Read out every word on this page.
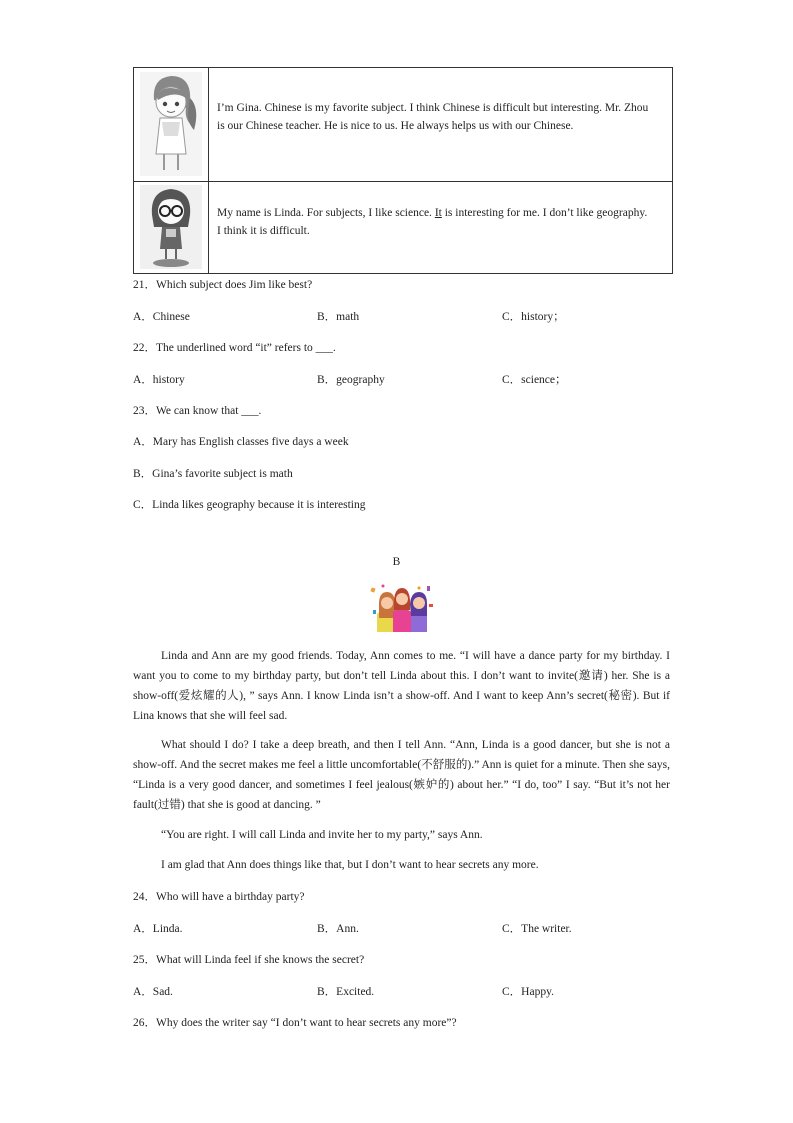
I’m Gina. Chinese is my favorite subject. I think Chinese is difficult but interesting. Mr. Zhou is our Chinese teacher. He is nice to us. He always helps us with our Chinese.
My name is Linda. For subjects, I like science. It is interesting for me. I don’t like geography. I think it is difficult.
21．Which subject does Jim like best?
A．Chinese	B．math	C．history；
22．The underlined word “it” refers to ___.
A．history	B．geography	C．science；
23．We can know that ___.
A．Mary has English classes five days a week
B．Gina’s favorite subject is math
C．Linda likes geography because it is interesting
B
Linda and Ann are my good friends. Today, Ann comes to me. “I will have a dance party for my birthday. I want you to come to my birthday party, but don’t tell Linda about this. I don’t want to invite(邀请) her. She is a show-off(爱炫耀的人), ” says Ann. I know Linda isn’t a show-off. And I want to keep Ann’s secret(秘密). But if Lina knows that she will feel sad.
What should I do? I take a deep breath, and then I tell Ann. “Ann, Linda is a good dancer, but she is not a show-off. And the secret makes me feel a little uncomfortable(不舒服的).” Ann is quiet for a minute. Then she says, “Linda is a very good dancer, and sometimes I feel jealous(嫉妒的) about her.” “I do, too” I say. “But it’s not her fault(过错) that she is good at dancing. ”
“You are right. I will call Linda and invite her to my party,” says Ann.
I am glad that Ann does things like that, but I don’t want to hear secrets any more.
24．Who will have a birthday party?
A．Linda.	B．Ann.	C．The writer.
25．What will Linda feel if she knows the secret?
A．Sad.	B．Excited.	C．Happy.
26．Why does the writer say “I don’t want to hear secrets any more”?
